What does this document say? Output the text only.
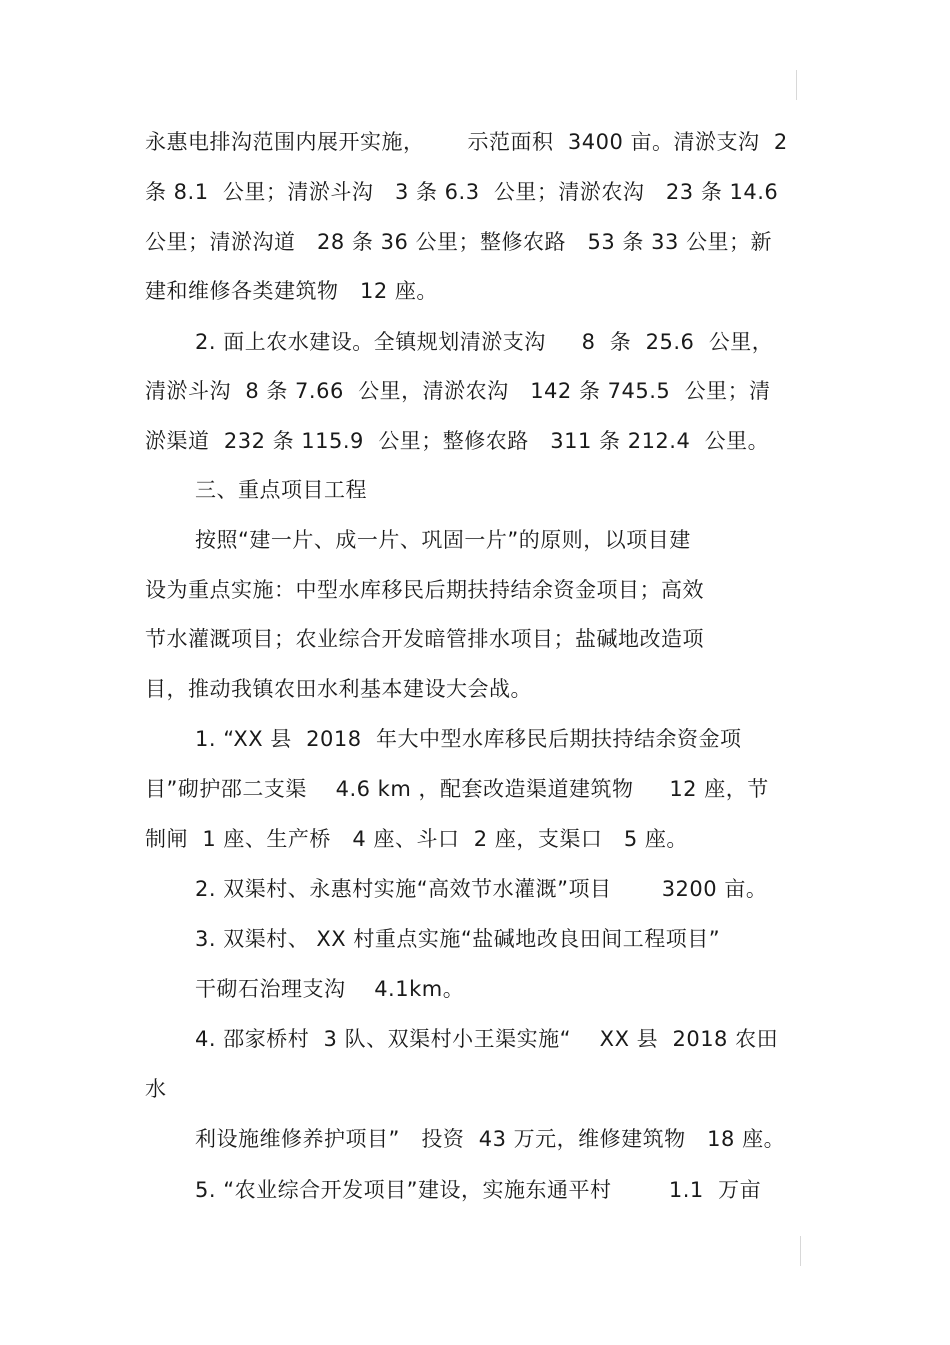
永惠电排沟范围内展开实施，      示范面积  3400 亩。清淤支沟  2
条 8.1  公里；清淤斗沟   3 条 6.3  公里；清淤农沟   23 条 14.6
公里；清淤沟道   28 条 36 公里；整修农路   53 条 33 公里；新
建和维修各类建筑物   12 座。
2. 面上农水建设。全镇规划清淤支沟     8  条  25.6  公里，
清淤斗沟  8 条 7.66  公里，清淤农沟   142 条 745.5  公里；清
淤渠道  232 条 115.9  公里；整修农路   311 条 212.4  公里。
三、重点项目工程
按照“建一片、成一片、巩固一片”的原则，以项目建
设为重点实施：中型水库移民后期扶持结余资金项目；高效
节水灌溉项目；农业综合开发暗管排水项目；盐碱地改造项
目，推动我镇农田水利基本建设大会战。
1. “XX 县  2018  年大中型水库移民后期扶持结余资金项
目”砌护邵二支渠    4.6 km ，配套改造渠道建筑物     12 座，节
制闸  1 座、生产桥   4 座、斗口  2 座，支渠口   5 座。
2. 双渠村、永惠村实施“高效节水灌溉”项目       3200 亩。
3. 双渠村、 XX 村重点实施“盐碱地改良田间工程项目”
干砌石治理支沟    4.1km。
4. 邵家桥村  3 队、双渠村小王渠实施“    XX 县  2018 农田
水
利设施维修养护项目”   投资  43 万元，维修建筑物   18 座。
5. “农业综合开发项目”建设，实施东通平村        1.1  万亩
